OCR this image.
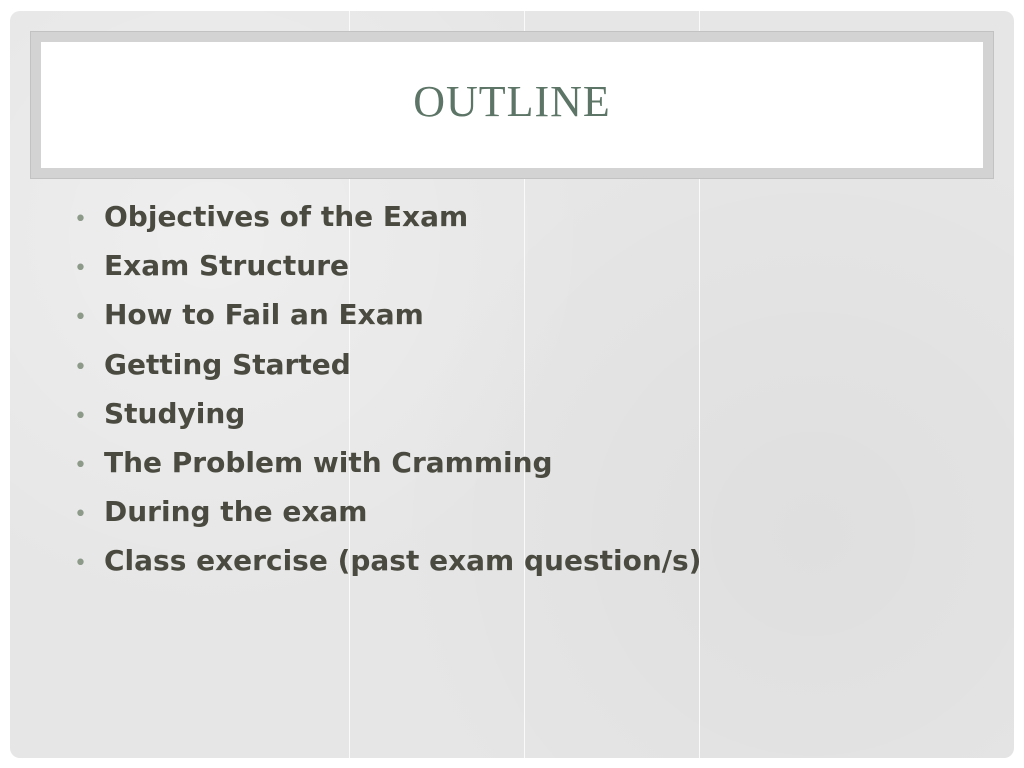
OUTLINE
• Objectives of the Exam
• Exam Structure
• How to Fail an Exam
• Getting Started
• Studying
• The Problem with Cramming
• During the exam
• Class exercise (past exam question/s)
